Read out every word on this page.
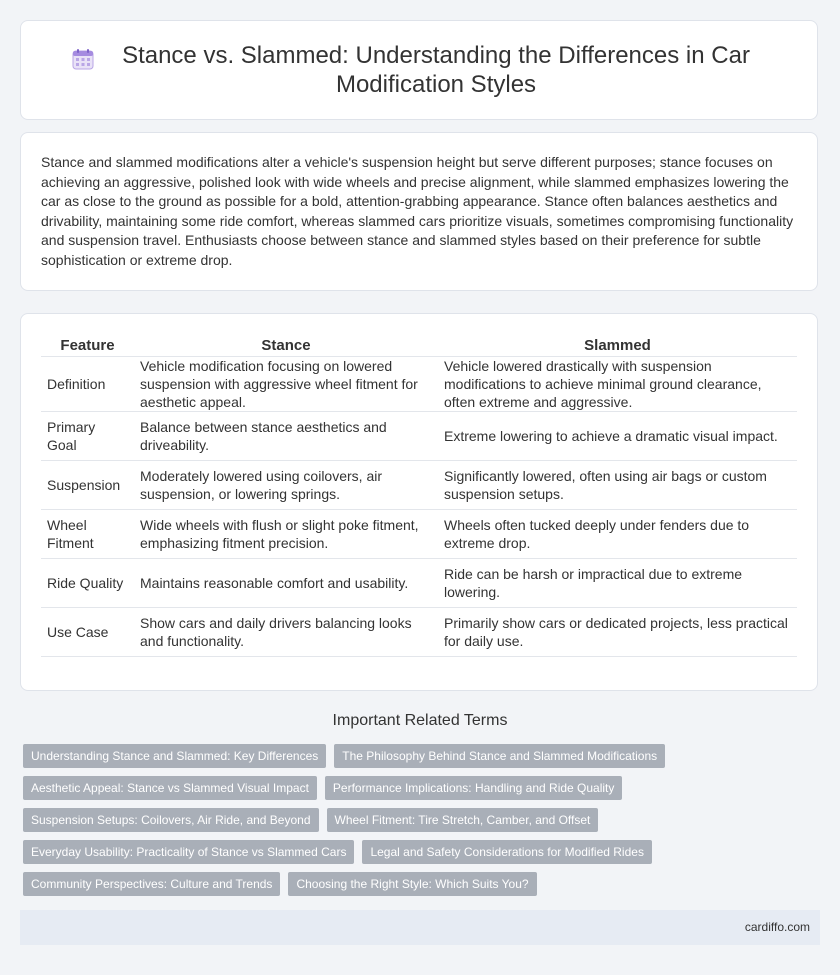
Stance vs. Slammed: Understanding the Differences in Car Modification Styles

Stance and slammed modifications alter a vehicle's suspension height but serve different purposes; stance focuses on achieving an aggressive, polished look with wide wheels and precise alignment, while slammed emphasizes lowering the car as close to the ground as possible for a bold, attention-grabbing appearance. Stance often balances aesthetics and drivability, maintaining some ride comfort, whereas slammed cars prioritize visuals, sometimes compromising functionality and suspension travel. Enthusiasts choose between stance and slammed styles based on their preference for subtle sophistication or extreme drop.

Feature	Stance	Slammed
Definition	Vehicle modification focusing on lowered suspension with aggressive wheel fitment for aesthetic appeal.	Vehicle lowered drastically with suspension modifications to achieve minimal ground clearance, often extreme and aggressive.
Primary Goal	Balance between stance aesthetics and driveability.	Extreme lowering to achieve a dramatic visual impact.
Suspension	Moderately lowered using coilovers, air suspension, or lowering springs.	Significantly lowered, often using air bags or custom suspension setups.
Wheel Fitment	Wide wheels with flush or slight poke fitment, emphasizing fitment precision.	Wheels often tucked deeply under fenders due to extreme drop.
Ride Quality	Maintains reasonable comfort and usability.	Ride can be harsh or impractical due to extreme lowering.
Use Case	Show cars and daily drivers balancing looks and functionality.	Primarily show cars or dedicated projects, less practical for daily use.
Important Related Terms
Understanding Stance and Slammed: Key Differences	The Philosophy Behind Stance and Slammed Modifications
Aesthetic Appeal: Stance vs Slammed Visual Impact	Performance Implications: Handling and Ride Quality
Suspension Setups: Coilovers, Air Ride, and Beyond	Wheel Fitment: Tire Stretch, Camber, and Offset
Everyday Usability: Practicality of Stance vs Slammed Cars	Legal and Safety Considerations for Modified Rides
Community Perspectives: Culture and Trends	Choosing the Right Style: Which Suits You?
cardiffo.com
